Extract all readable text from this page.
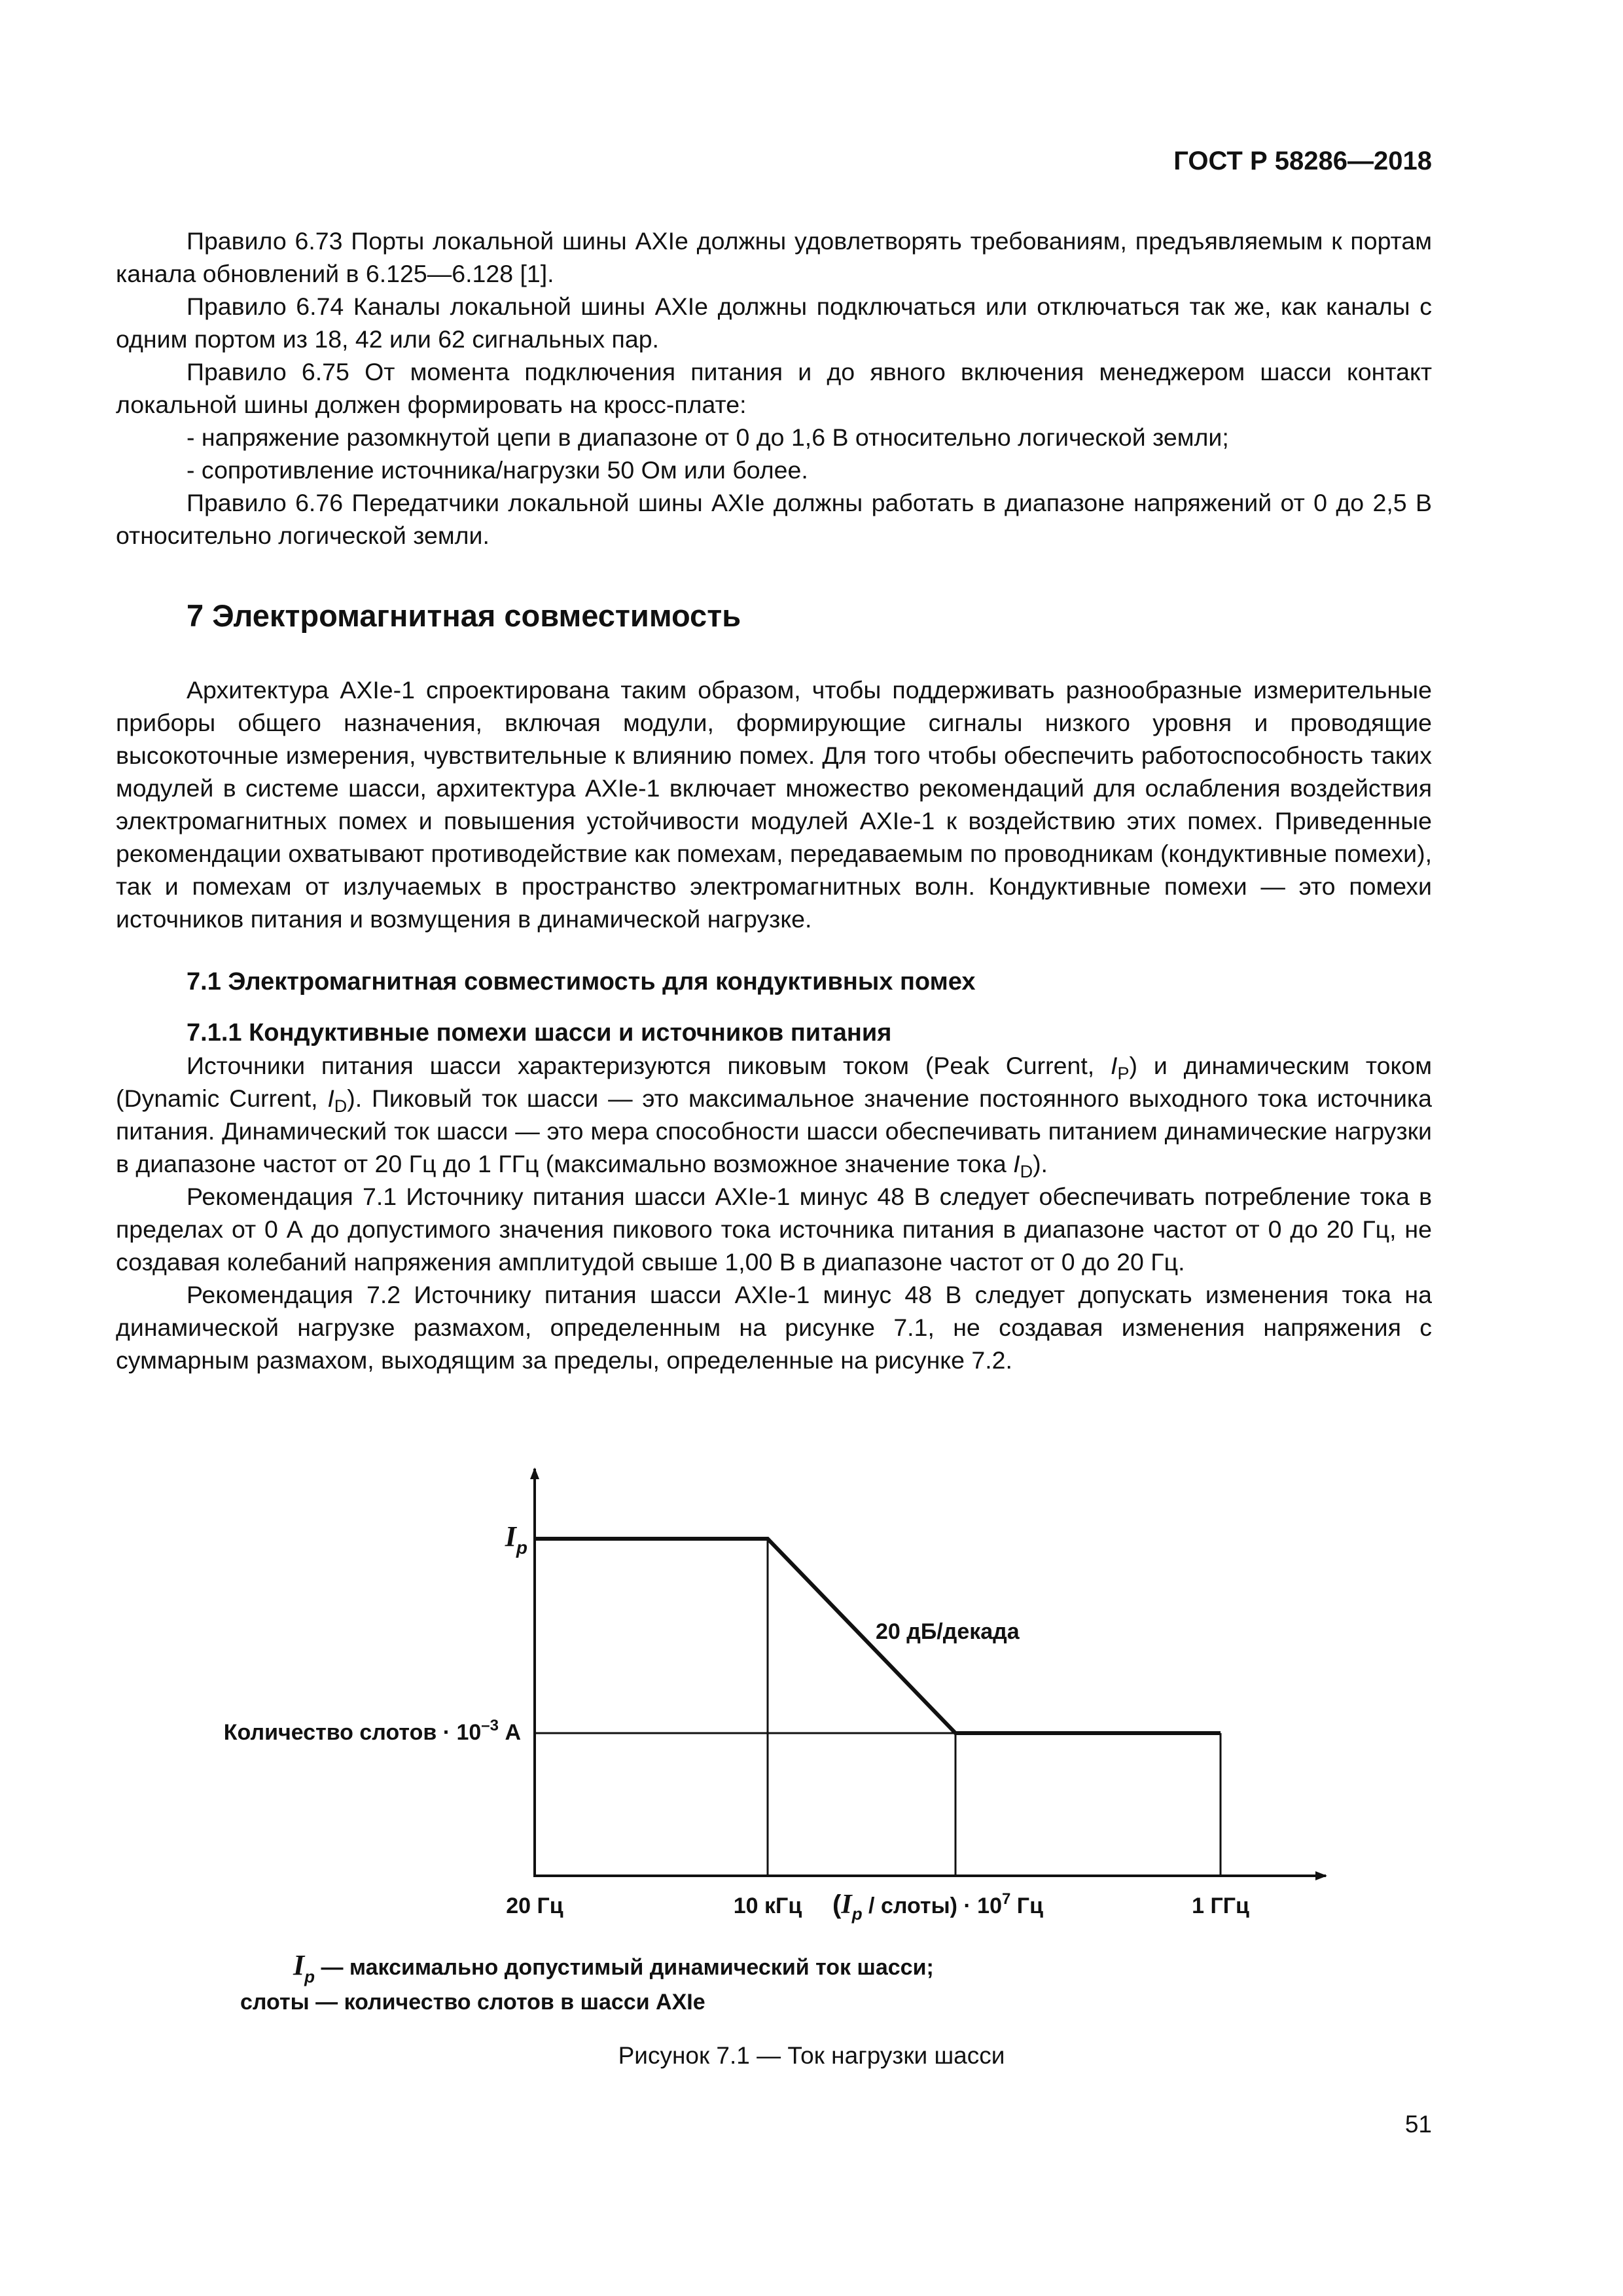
ГОСТ Р 58286—2018

Правило 6.73 Порты локальной шины AXIe должны удовлетворять требованиям, предъявляемым к портам канала обновлений в 6.125—6.128 [1].

Правило 6.74 Каналы локальной шины AXIe должны подключаться или отключаться так же, как каналы с одним портом из 18, 42 или 62 сигнальных пар.

Правило 6.75 От момента подключения питания и до явного включения менеджером шасси контакт локальной шины должен формировать на кросс-плате:

- напряжение разомкнутой цепи в диапазоне от 0 до 1,6 В относительно логической земли;

- сопротивление источника/нагрузки 50 Ом или более.

Правило 6.76 Передатчики локальной шины AXIe должны работать в диапазоне напряжений от 0 до 2,5 В относительно логической земли.

7 Электромагнитная совместимость

Архитектура AXIe-1 спроектирована таким образом, чтобы поддерживать разнообразные измерительные приборы общего назначения, включая модули, формирующие сигналы низкого уровня и проводящие высокоточные измерения, чувствительные к влиянию помех. Для того чтобы обеспечить работоспособность таких модулей в системе шасси, архитектура AXIe-1 включает множество рекомендаций для ослабления воздействия электромагнитных помех и повышения устойчивости модулей AXIe-1 к воздействию этих помех. Приведенные рекомендации охватывают противодействие как помехам, передаваемым по проводникам (кондуктивные помехи), так и помехам от излучаемых в пространство электромагнитных волн. Кондуктивные помехи — это помехи источников питания и возмущения в динамической нагрузке.

7.1 Электромагнитная совместимость для кондуктивных помех
7.1.1 Кондуктивные помехи шасси и источников питания

Источники питания шасси характеризуются пиковым током (Peak Current, $I_P$) и динамическим током (Dynamic Current, $I_D$). Пиковый ток шасси — это максимальное значение постоянного выходного тока источника питания. Динамический ток шасси — это мера способности шасси обеспечивать питанием динамические нагрузки в диапазоне частот от 20 Гц до 1 ГГц (максимально возможное значение тока $I_D$).

Рекомендация 7.1 Источнику питания шасси AXIe-1 минус 48 В следует обеспечивать потребление тока в пределах от 0 А до допустимого значения пикового тока источника питания в диапазоне частот от 0 до 20 Гц, не создавая колебаний напряжения амплитудой свыше 1,00 В в диапазоне частот от 0 до 20 Гц.

Рекомендация 7.2 Источнику питания шасси AXIe-1 минус 48 В следует допускать изменения тока на динамической нагрузке размахом, определенным на рисунке 7.1, не создавая изменения напряжения с суммарным размахом, выходящим за пределы, определенные на рисунке 7.2.

$I_p$
Количество слотов · $10^{-3}$ А
20 дБ/декада
20 Гц	10 кГц ($I_p$ / слоты) · $10^7$ Гц	1 ГГц
$I_p$ — максимально допустимый динамический ток шасси;
слоты — количество слотов в шасси AXIe
Рисунок 7.1 — Ток нагрузки шасси
51
